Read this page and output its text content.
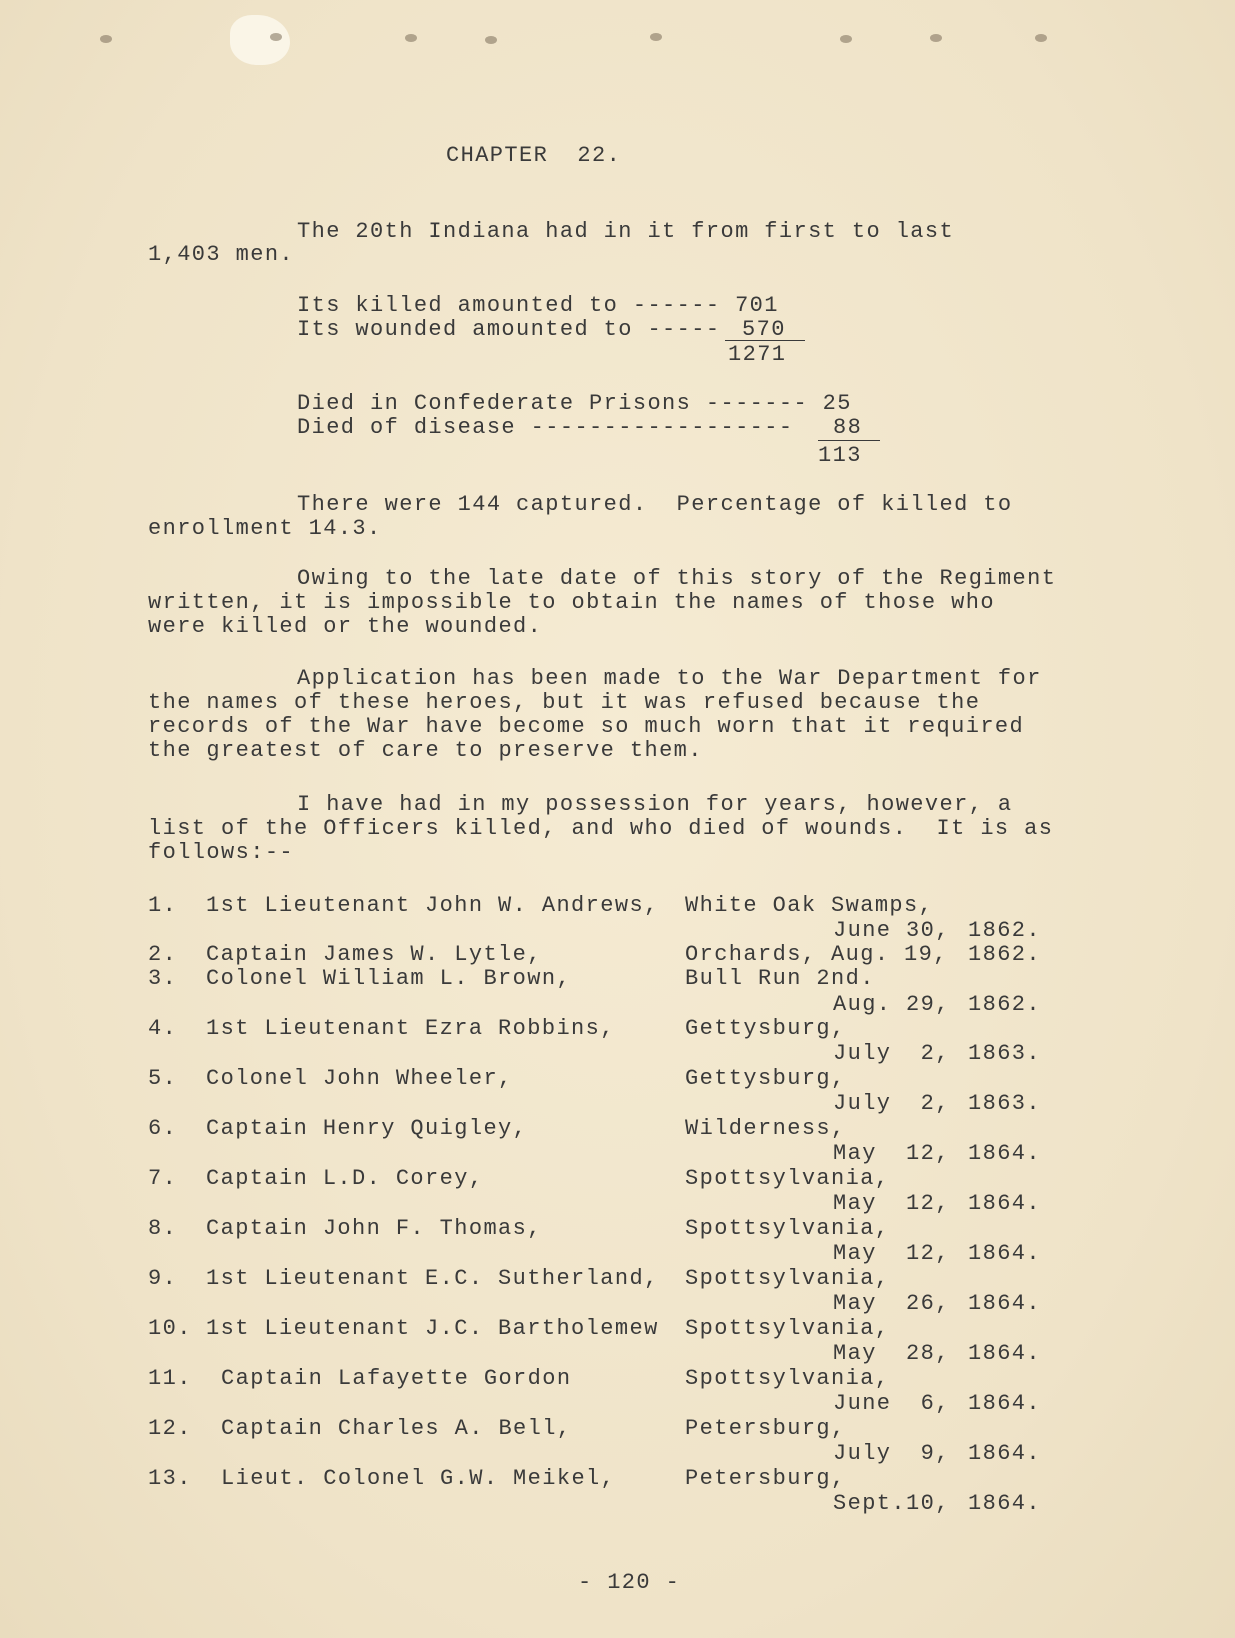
CHAPTER  22.
The 20th Indiana had in it from first to last
1,403 men.
Its killed amounted to ------ 701
Its wounded amounted to ----- 570
1271
Died in Confederate Prisons ------- 25
Died of disease ------------------ 88
113
There were 144 captured.  Percentage of killed to
enrollment 14.3.
Owing to the late date of this story of the Regiment
written, it is impossible to obtain the names of those who
were killed or the wounded.
Application has been made to the War Department for
the names of these heroes, but it was refused because the
records of the War have become so much worn that it required
the greatest of care to preserve them.
I have had in my possession for years, however, a
list of the Officers killed, and who died of wounds.  It is as
follows:--
1. 1st Lieutenant John W. Andrews, White Oak Swamps,
June 30, 1862.
2. Captain James W. Lytle,	Orchards, Aug. 19, 1862.
3. Colonel William L. Brown,	Bull Run 2nd.
Aug. 29, 1862.
4. 1st Lieutenant Ezra Robbins,	Gettysburg,
July  2, 1863.
5. Colonel John Wheeler,	Gettysburg,
July  2, 1863.
6. Captain Henry Quigley,	Wilderness,
May  12, 1864.
7. Captain L.D. Corey,	Spottsylvania,
May  12, 1864.
8. Captain John F. Thomas,	Spottsylvania,
May  12, 1864.
9. 1st Lieutenant E.C. Sutherland, Spottsylvania,
May  26, 1864.
10. 1st Lieutenant J.C. Bartholemew Spottsylvania,
May  28, 1864.
11. Captain Lafayette Gordon	Spottsylvania,
June  6, 1864.
12. Captain Charles A. Bell,	Petersburg,
July  9, 1864.
13. Lieut. Colonel G.W. Meikel,	Petersburg,
Sept.10, 1864.
- 120 -
